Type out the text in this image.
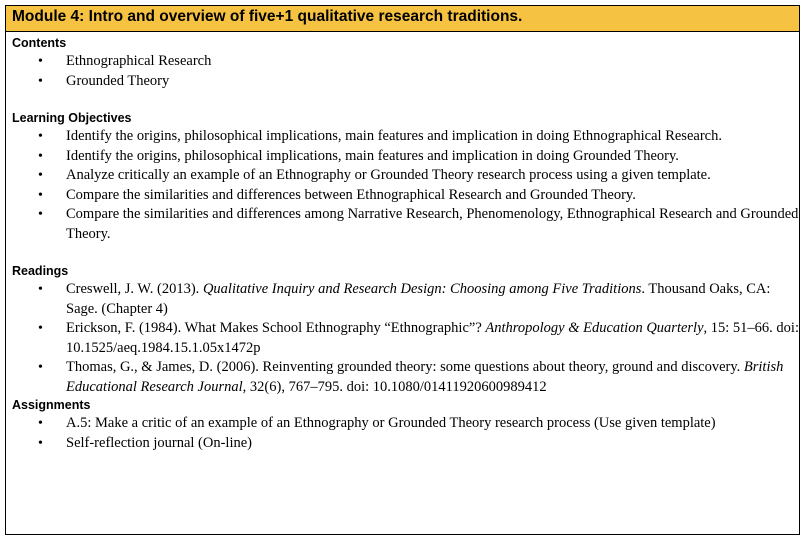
Module 4: Intro and overview of five+1 qualitative research traditions.
Contents
• Ethnographical Research
• Grounded Theory
Learning Objectives
• Identify the origins, philosophical implications, main features and implication in doing Ethnographical Research.
• Identify the origins, philosophical implications, main features and implication in doing Grounded Theory.
• Analyze critically an example of an Ethnography or Grounded Theory research process using a given template.
• Compare the similarities and differences between Ethnographical Research and Grounded Theory.
• Compare the similarities and differences among Narrative Research, Phenomenology, Ethnographical Research and Grounded Theory.
Readings
• Creswell, J. W. (2013). Qualitative Inquiry and Research Design: Choosing among Five Traditions. Thousand Oaks, CA: Sage. (Chapter 4)
• Erickson, F. (1984). What Makes School Ethnography “Ethnographic”? Anthropology & Education Quarterly, 15: 51–66. doi: 10.1525/aeq.1984.15.1.05x1472p
• Thomas, G., & James, D. (2006). Reinventing grounded theory: some questions about theory, ground and discovery. British Educational Research Journal, 32(6), 767–795. doi: 10.1080/01411920600989412
Assignments
• A.5: Make a critic of an example of an Ethnography or Grounded Theory research process (Use given template)
• Self-reflection journal (On-line)
